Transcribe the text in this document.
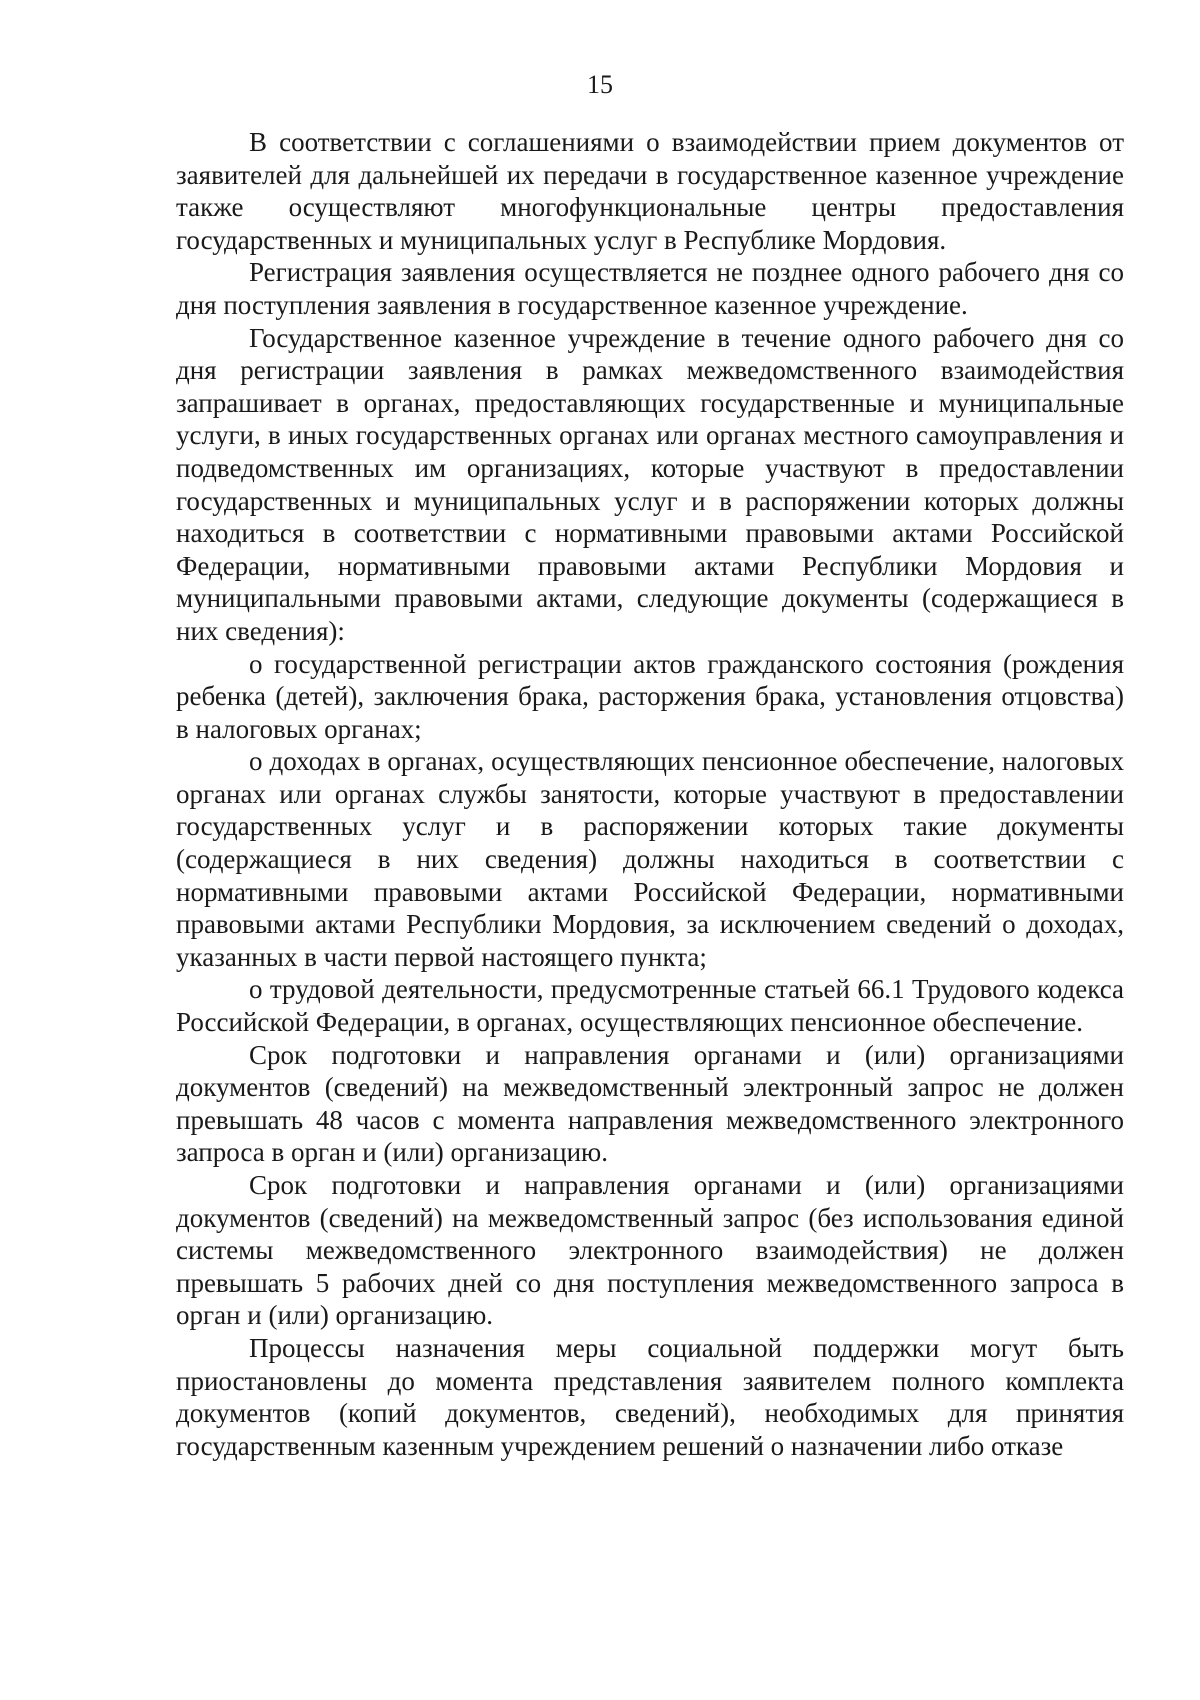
15

В соответствии с соглашениями о взаимодействии прием документов от заявителей для дальнейшей их передачи в государственное казенное учреждение также осуществляют многофункциональные центры предоставления государственных и муниципальных услуг в Республике Мордовия.

Регистрация заявления осуществляется не позднее одного рабочего дня со дня поступления заявления в государственное казенное учреждение.

Государственное казенное учреждение в течение одного рабочего дня со дня регистрации заявления в рамках межведомственного взаимодействия запрашивает в органах, предоставляющих государственные и муниципальные услуги, в иных государственных органах или органах местного самоуправления и подведомственных им организациях, которые участвуют в предоставлении государственных и муниципальных услуг и в распоряжении которых должны находиться в соответствии с нормативными правовыми актами Российской Федерации, нормативными правовыми актами Республики Мордовия и муниципальными правовыми актами, следующие документы (содержащиеся в них сведения):

о государственной регистрации актов гражданского состояния (рождения ребенка (детей), заключения брака, расторжения брака, установления отцовства) в налоговых органах;

о доходах в органах, осуществляющих пенсионное обеспечение, налоговых органах или органах службы занятости, которые участвуют в предоставлении государственных услуг и в распоряжении которых такие документы (содержащиеся в них сведения) должны находиться в соответствии с нормативными правовыми актами Российской Федерации, нормативными правовыми актами Республики Мордовия, за исключением сведений о доходах, указанных в части первой настоящего пункта;

о трудовой деятельности, предусмотренные статьей 66.1 Трудового кодекса Российской Федерации, в органах, осуществляющих пенсионное обеспечение.

Срок подготовки и направления органами и (или) организациями документов (сведений) на межведомственный электронный запрос не должен превышать 48 часов с момента направления межведомственного электронного запроса в орган и (или) организацию.

Срок подготовки и направления органами и (или) организациями документов (сведений) на межведомственный запрос (без использования единой системы межведомственного электронного взаимодействия) не должен превышать 5 рабочих дней со дня поступления межведомственного запроса в орган и (или) организацию.

Процессы назначения меры социальной поддержки могут быть приостановлены до момента представления заявителем полного комплекта документов (копий документов, сведений), необходимых для принятия государственным казенным учреждением решений о назначении либо отказе
